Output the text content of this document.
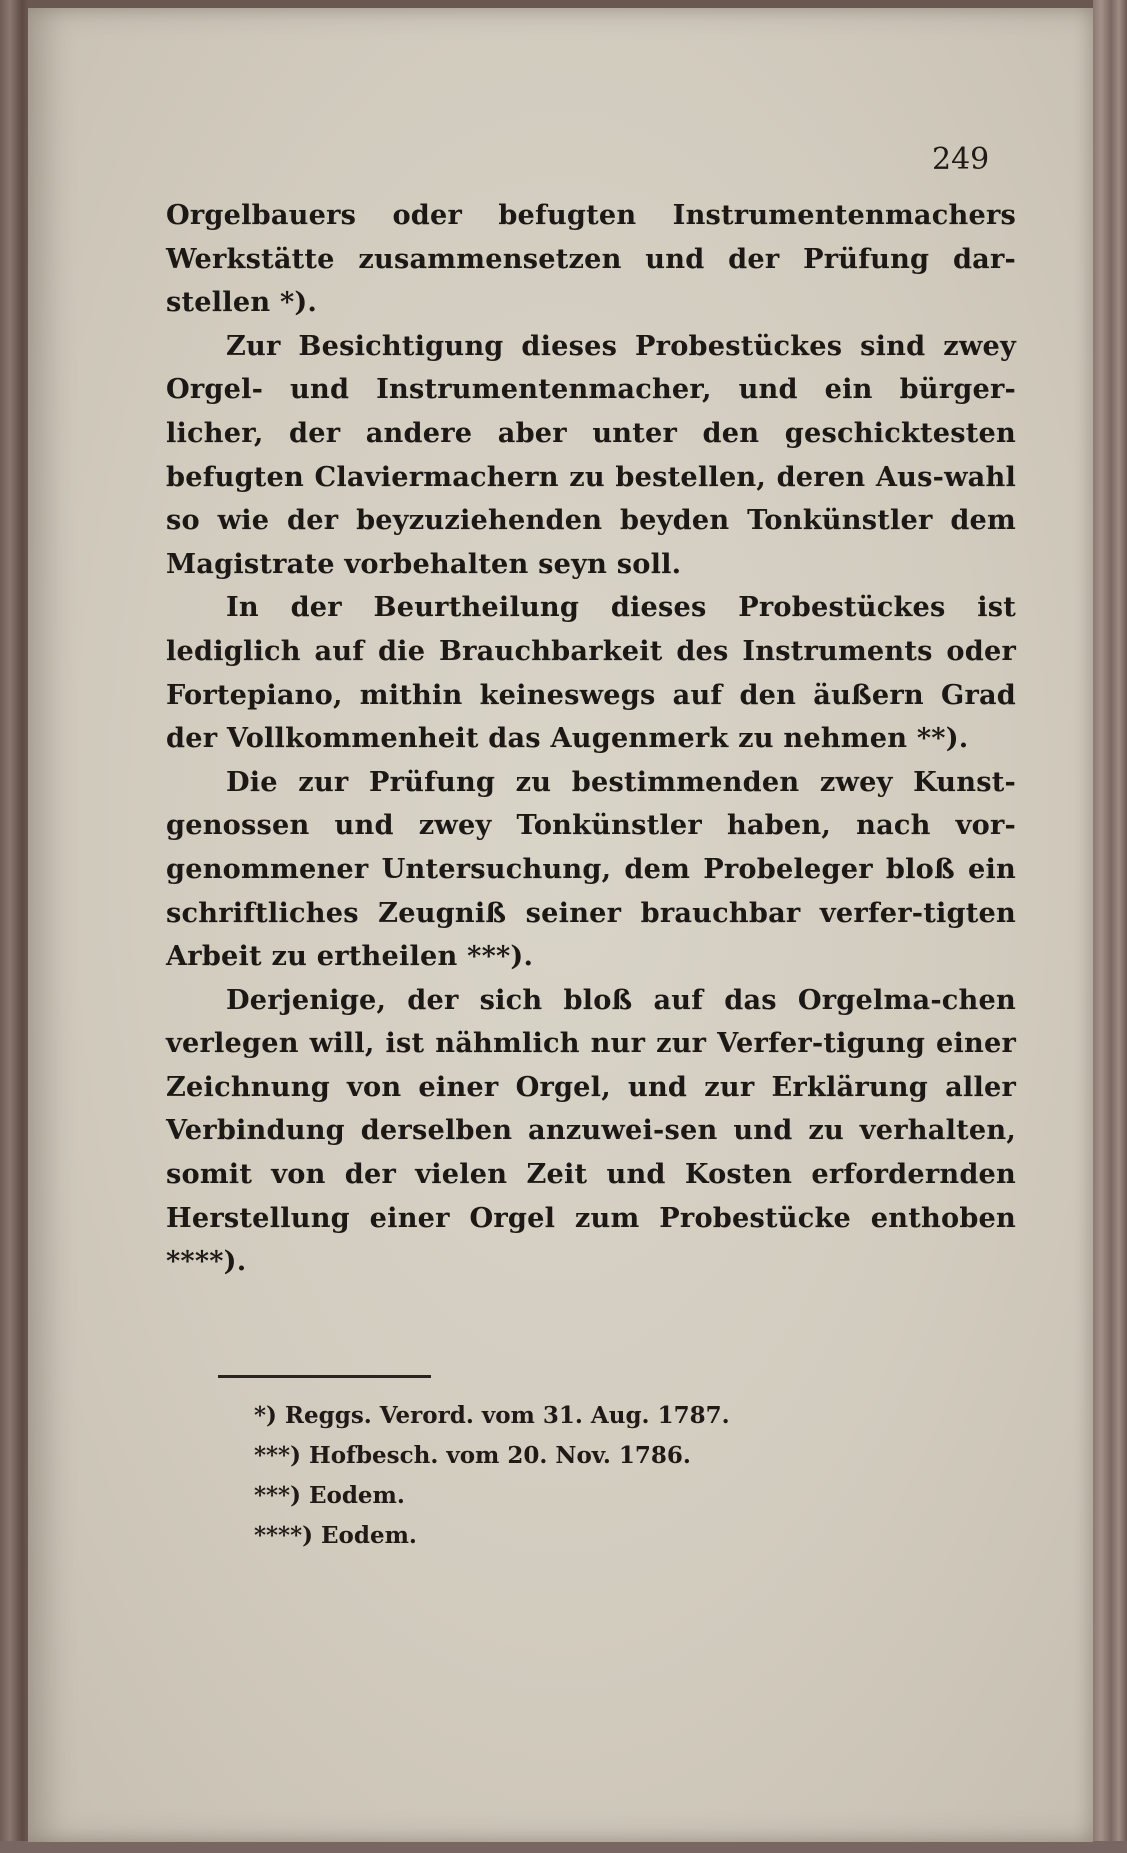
249

Orgelbauers oder befugten Instrumentenmachers Werkstätte zusammensetzen und der Prüfung dar-stellen *).

Zur Besichtigung dieses Probestückes sind zwey Orgel- und Instrumentenmacher, und ein bürger-licher, der andere aber unter den geschicktesten befugten Claviermachern zu bestellen, deren Aus-wahl so wie der beyzuziehenden beyden Tonkünstler dem Magistrate vorbehalten seyn soll.

In der Beurtheilung dieses Probestückes ist lediglich auf die Brauchbarkeit des Instruments oder Fortepiano, mithin keineswegs auf den äußern Grad der Vollkommenheit das Augenmerk zu nehmen **).

Die zur Prüfung zu bestimmenden zwey Kunst-genossen und zwey Tonkünstler haben, nach vor-genommener Untersuchung, dem Probeleger bloß ein schriftliches Zeugniß seiner brauchbar verfer-tigten Arbeit zu ertheilen ***).

Derjenige, der sich bloß auf das Orgelma-chen verlegen will, ist nähmlich nur zur Verfer-tigung einer Zeichnung von einer Orgel, und zur Erklärung aller Verbindung derselben anzuwei-sen und zu verhalten, somit von der vielen Zeit und Kosten erfordernden Herstellung einer Orgel zum Probestücke enthoben ****).

*) Reggs. Verord. vom 31. Aug. 1787.

***) Hofbesch. vom 20. Nov. 1786.

***) Eodem.

****) Eodem.
